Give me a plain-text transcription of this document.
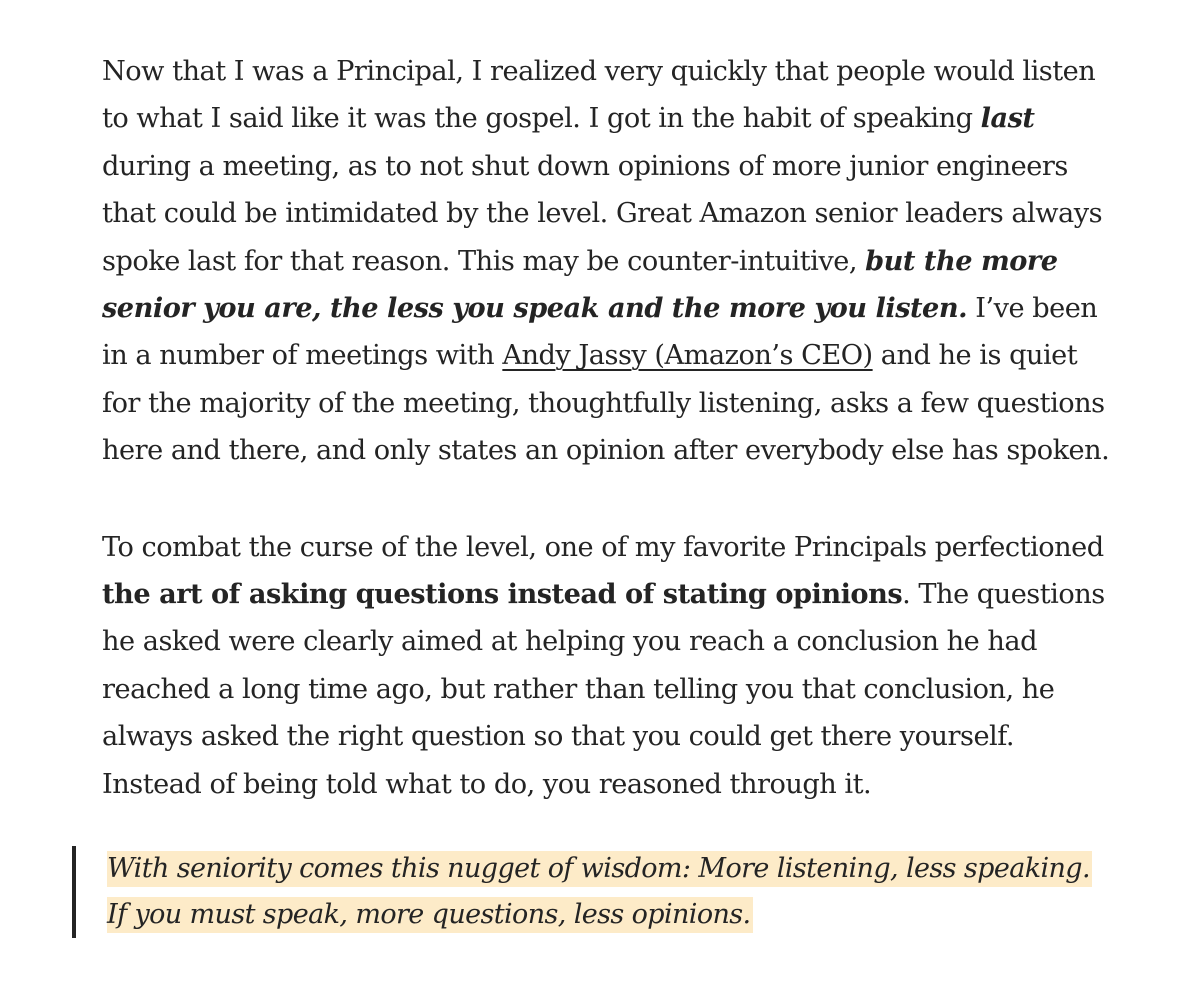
Now that I was a Principal, I realized very quickly that people would listen to what I said like it was the gospel. I got in the habit of speaking last during a meeting, as to not shut down opinions of more junior engineers that could be intimidated by the level. Great Amazon senior leaders always spoke last for that reason. This may be counter-intuitive, but the more senior you are, the less you speak and the more you listen. I’ve been in a number of meetings with Andy Jassy (Amazon’s CEO) and he is quiet for the majority of the meeting, thoughtfully listening, asks a few questions here and there, and only states an opinion after everybody else has spoken.

To combat the curse of the level, one of my favorite Principals perfectioned the art of asking questions instead of stating opinions. The questions he asked were clearly aimed at helping you reach a conclusion he had reached a long time ago, but rather than telling you that conclusion, he always asked the right question so that you could get there yourself. Instead of being told what to do, you reasoned through it.

With seniority comes this nugget of wisdom: More listening, less speaking. If you must speak, more questions, less opinions.
